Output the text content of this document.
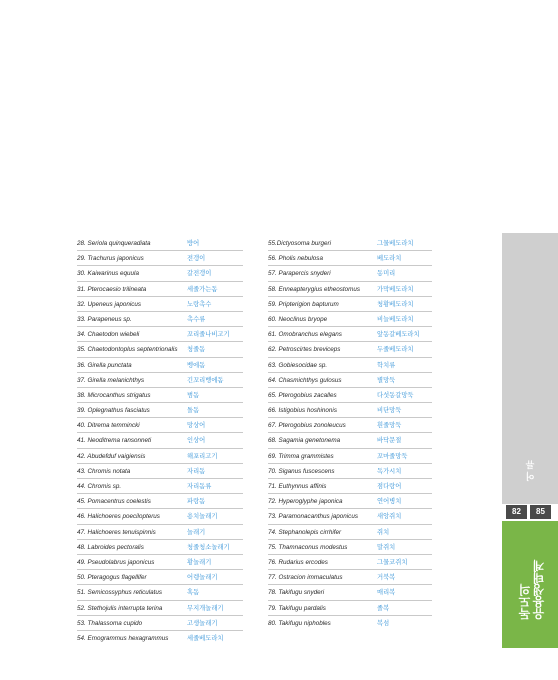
28. Seriola quinqueradiata	방어
29. Trachurus japonicus	전갱이
30. Kaiwarinus equula	갈전갱이
31. Pterocaesio trilineata	세줄가는돔
32. Upeneus japonicus	노랑촉수
33. Parapeneus sp.	촉수류
34. Chaetodon wiebeli	꼬리줄나비고기
35. Chaetodontoplus septentrionalis 청줄돔
36. Girella punctata	벵에돔
37. Girella melanichthys	긴꼬리벵에돔
38. Microcanthus strigatus	범돔
39. Oplegnathus fasciatus	돌돔
40. Ditrema temmincki	망상어
41. Neoditrema ransonneti	인상어
42. Abudefduf vaigiensis	해포리고기
43. Chromis notata	자리돔
44. Chromis sp.	자리돔류
45. Pomacentrus coelestis	파랑돔
46. Halichoeres poecilopterus	용치놀래기
47. Halichoeres tenuispinnis	놀래기
48. Labroides pectoralis	청줄청소놀래기
49. Pseudolabrus japonicus	황놀래기
50. Pteragogus flagellifer	어렝놀래기
51. Semicossyphus reticulatus	혹돔
52. Stethojulis interrupta terina	무지개놀래기
53. Thalassoma cupido	고생놀래기
54. Emogrammus hexagrammus	세줄베도라치
55.Dictyosoma burgeri	그물베도라치
56. Pholis nebulosa	베도라치
57. Parapercis snyderi	동미리
58. Enneapterygius etheostomus	가막베도라치
59. Pripterigion bapturum	청황베도라치
60. Neoclinus bryope	비늘베도라치
61. Omobranchus elegans	앞동갈베도라치
62. Petroscirtes breviceps	두줄베도라치
63. Gobiesocidae sp.	학치류
64. Chasmichthys gulosus	별망둑
65. Pterogobius zacalles	다섯동갈망둑
66. Istigobius hoshinonis	비단망둑
67. Pterogobius zonoleucus	흰줄망둑
68. Sagamia genetonema	바닥문절
69. Trimma grammistes	꼬마줄망둑
70. Siganus fuscescens	독가시치
71. Euthynnus affinis	점다랑어
72. Hyperoglyphe japonica	연어병치
73. Paramonacanthus japonicus	새앙쥐치
74. Stephanolepis cirrhifer	쥐치
75. Thamnaconus modestus	말쥐치
76. Rudarius ercodes	그물코쥐치
77. Ostracion immaculatus	거북복
78. Takifugu snyderi	매리복
79. Takifugu pardalis	졸복
80. Takifugu niphobles	복섬
어 류
82	85
독도의
유용생태계
